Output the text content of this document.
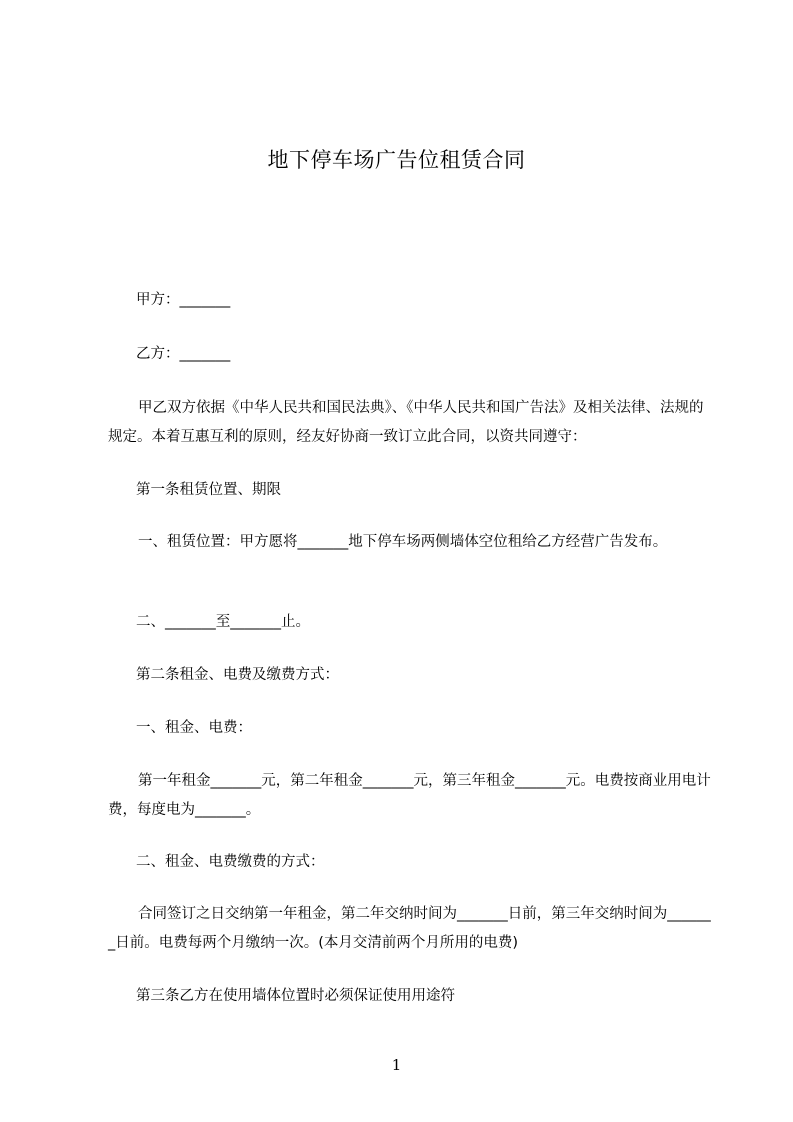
地下停车场广告位租赁合同
甲方：_______
乙方：_______
甲乙双方依据《中华人民共和国民法典》、《中华人民共和国广告法》及相关法律、法规的规定。本着互惠互利的原则，经友好协商一致订立此合同，以资共同遵守：
第一条租赁位置、期限
一、租赁位置：甲方愿将_______地下停车场两侧墙体空位租给乙方经营广告发布。
二、_______至_______止。
第二条租金、电费及缴费方式：
一、租金、电费：
第一年租金_______元，第二年租金_______元，第三年租金_______元。电费按商业用电计费，每度电为_______。
二、租金、电费缴费的方式：
合同签订之日交纳第一年租金，第二年交纳时间为_______日前，第三年交纳时间为_______日前。电费每两个月缴纳一次。(本月交清前两个月所用的电费)
第三条乙方在使用墙体位置时必须保证使用用途符
1
